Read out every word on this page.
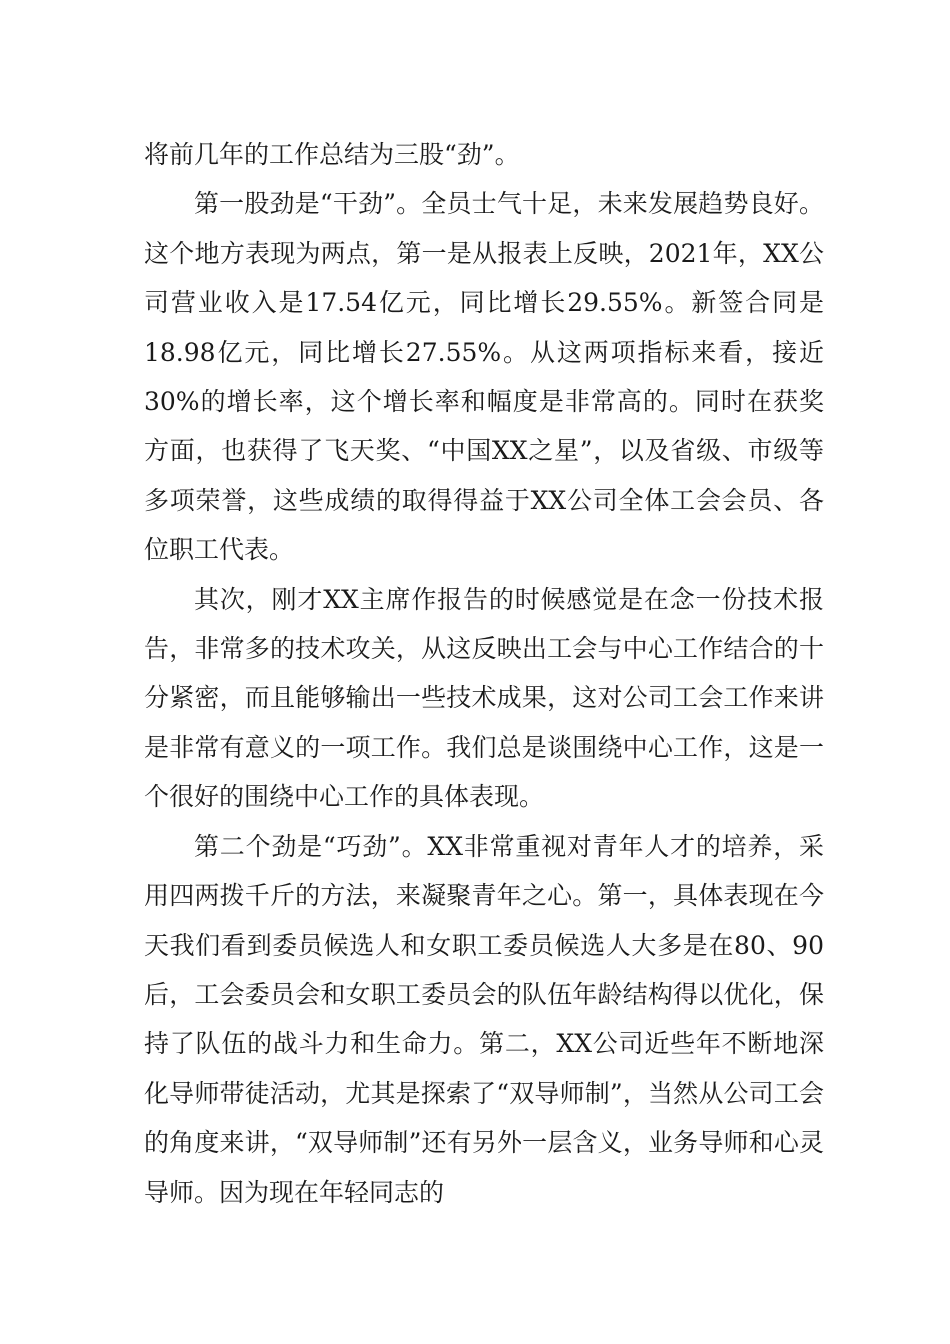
将前几年的工作总结为三股“劲”。

第一股劲是“干劲”。全员士气十足，未来发展趋势良好。这个地方表现为两点，第一是从报表上反映，2021年，XX公司营业收入是17.54亿元，同比增长29.55%。新签合同是18.98亿元，同比增长27.55%。从这两项指标来看，接近30%的增长率，这个增长率和幅度是非常高的。同时在获奖方面，也获得了飞天奖、“中国XX之星”，以及省级、市级等多项荣誉，这些成绩的取得得益于XX公司全体工会会员、各位职工代表。

其次，刚才XX主席作报告的时候感觉是在念一份技术报告，非常多的技术攻关，从这反映出工会与中心工作结合的十分紧密，而且能够输出一些技术成果，这对公司工会工作来讲是非常有意义的一项工作。我们总是谈围绕中心工作，这是一个很好的围绕中心工作的具体表现。

第二个劲是“巧劲”。XX非常重视对青年人才的培养，采用四两拨千斤的方法，来凝聚青年之心。第一，具体表现在今天我们看到委员候选人和女职工委员候选人大多是在80、90后，工会委员会和女职工委员会的队伍年龄结构得以优化，保持了队伍的战斗力和生命力。第二，XX公司近些年不断地深化导师带徒活动，尤其是探索了“双导师制”，当然从公司工会的角度来讲，“双导师制”还有另外一层含义，业务导师和心灵导师。因为现在年轻同志的
